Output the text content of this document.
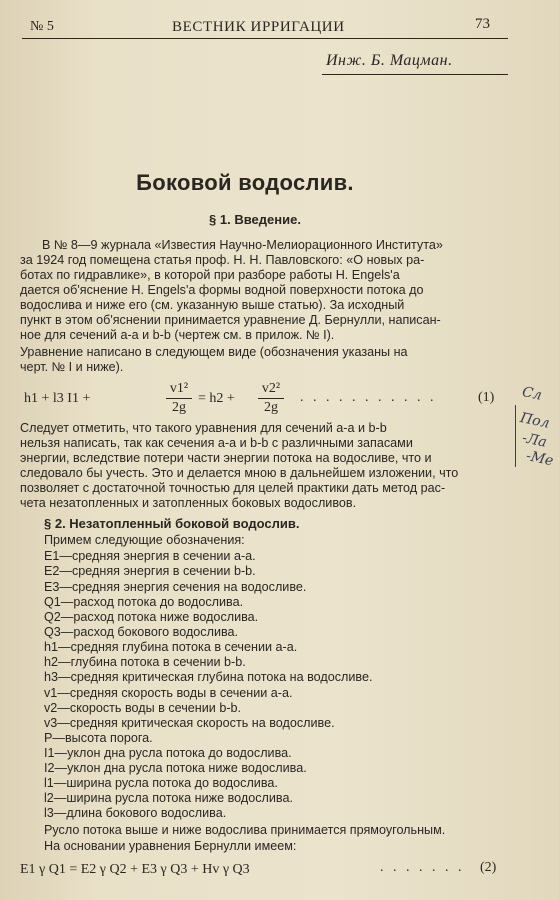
№ 5	ВЕСТНИК ИРРИГАЦИИ	73
Инж. Б. Мацман.
Боковой водослив.
§ 1. Введение.
В № 8—9 журнала «Известия Научно-Мелиорационного Института»
за 1924 год помещена статья проф. Н. Н. Павловского: «О новых ра-
ботах по гидравлике», в которой при разборе работы Н. Engels'а
дается об'яснение Н. Engels'а формы водной поверхности потока до
водослива и ниже его (см. указанную выше статью). За исходный
пункт в этом об'яснении принимается уравнение Д. Бернулли, написан-
ное для сечений а-а и b-b (чертеж см. в прилож. № I).
Уравнение написано в следующем виде (обозначения указаны на
черт. № I и ниже).
h1 + l3 I1 +
v1²
2g
= h2 +
v2²
2g
. . . . . . . . . . .	(1)
Следует отметить, что такого уравнения для сечений а-а и b-b
нельзя написать, так как сечения а-а и b-b с различными запасами
энергии, вследствие потери части энергии потока на водосливе, что и
следовало бы учесть. Это и делается мною в дальнейшем изложении, что
позволяет с достаточной точностью для целей практики дать метод рас-
чета незатопленных и затопленных боковых водосливов.
§ 2. Незатопленный боковой водослив.
Примем следующие обозначения:
E1—средняя энергия в сечении а-а.
E2—средняя энергия в сечении b-b.
E3—средняя энергия сечения на водосливе.
Q1—расход потока до водослива.
Q2—расход потока ниже водослива.
Q3—расход бокового водослива.
h1—средняя глубина потока в сечении а-а.
h2—глубина потока в сечении b-b.
h3—средняя критическая глубина потока на водосливе.
v1—средняя скорость воды в сечении а-а.
v2—скорость воды в сечении b-b.
v3—средняя критическая скорость на водосливе.
P—высота порога.
I1—уклон дна русла потока до водослива.
I2—уклон дна русла потока ниже водослива.
l1—ширина русла потока до водослива.
l2—ширина русла потока ниже водослива.
l3—длина бокового водослива.
Русло потока выше и ниже водослива принимается прямоугольным.
На основании уравнения Бернулли имеем:
E1 γ Q1 = E2 γ Q2 + E3 γ Q3 + Hv γ Q3	. . . . . . . (2)
Сл
Пол
-Ла
-Ме
